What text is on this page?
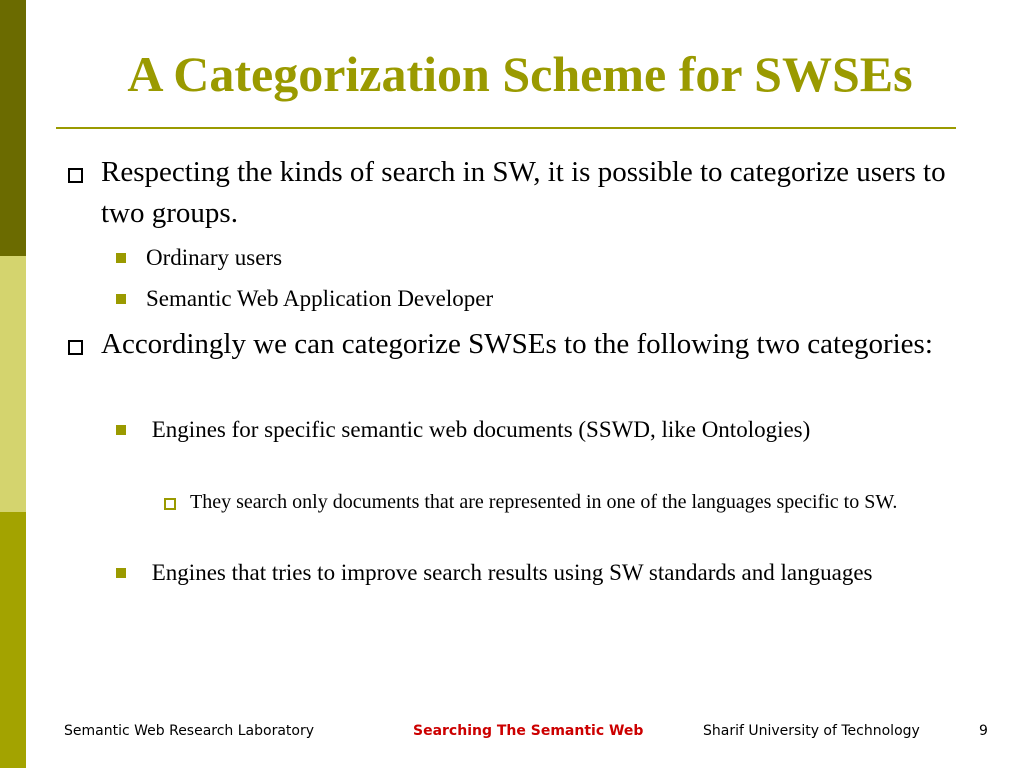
A Categorization Scheme for SWSEs
Respecting the kinds of search in SW, it is possible to categorize users to two groups.
Ordinary users
Semantic Web Application Developer
Accordingly we can categorize SWSEs to the following two categories:
Engines for specific semantic web documents (SSWD, like Ontologies)
They search only documents that are represented in one of the languages specific to SW.
Engines that tries to improve search results using SW standards and languages
Semantic Web Research Laboratory	Searching The Semantic Web	Sharif University of Technology	9
